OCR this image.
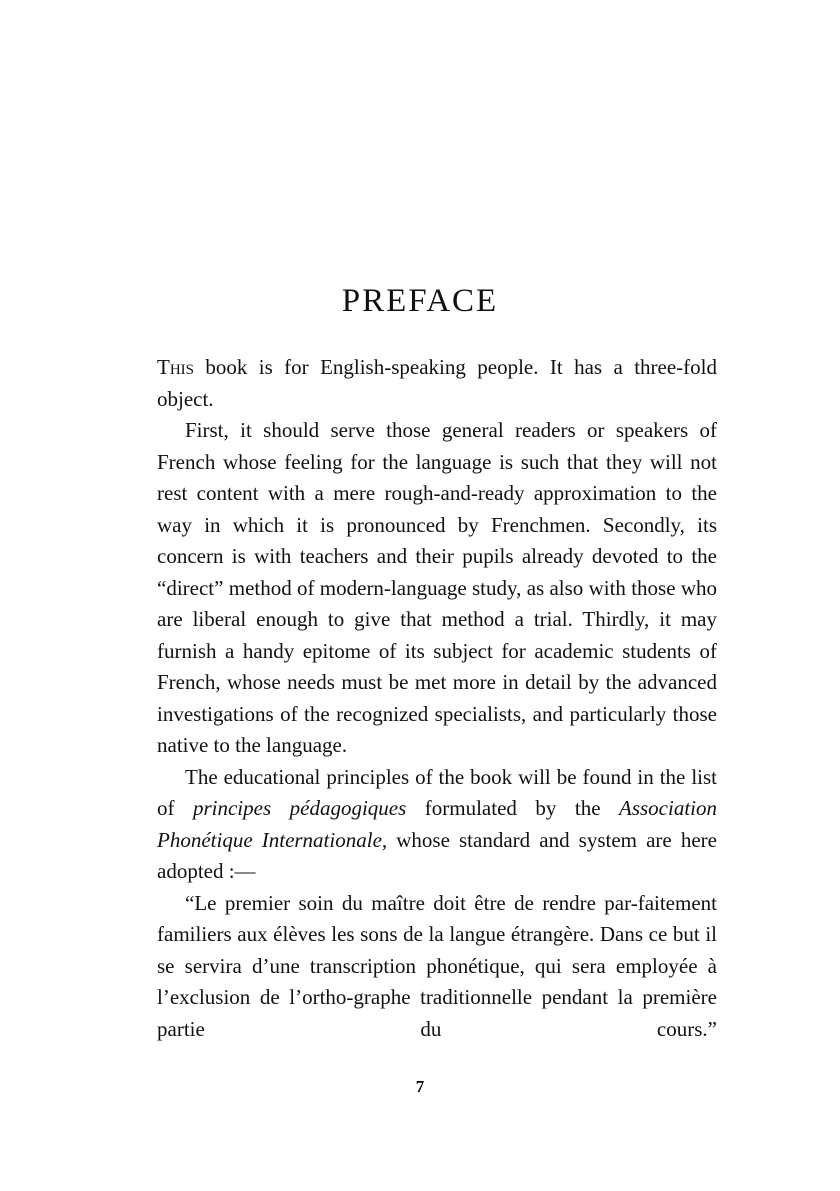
PREFACE

This book is for English-speaking people. It has a three-fold object.

First, it should serve those general readers or speakers of French whose feeling for the language is such that they will not rest content with a mere rough-and-ready approximation to the way in which it is pronounced by Frenchmen. Secondly, its concern is with teachers and their pupils already devoted to the “direct” method of modern-language study, as also with those who are liberal enough to give that method a trial. Thirdly, it may furnish a handy epitome of its subject for academic students of French, whose needs must be met more in detail by the advanced investigations of the recognized specialists, and particularly those native to the language.

The educational principles of the book will be found in the list of principes pédagogiques formulated by the Association Phonétique Internationale, whose standard and system are here adopted :—

“Le premier soin du maître doit être de rendre par-faitement familiers aux élèves les sons de la langue étrangère. Dans ce but il se servira d’une transcription phonétique, qui sera employée à l’exclusion de l’ortho-graphe traditionnelle pendant la première partie du cours.”

7
